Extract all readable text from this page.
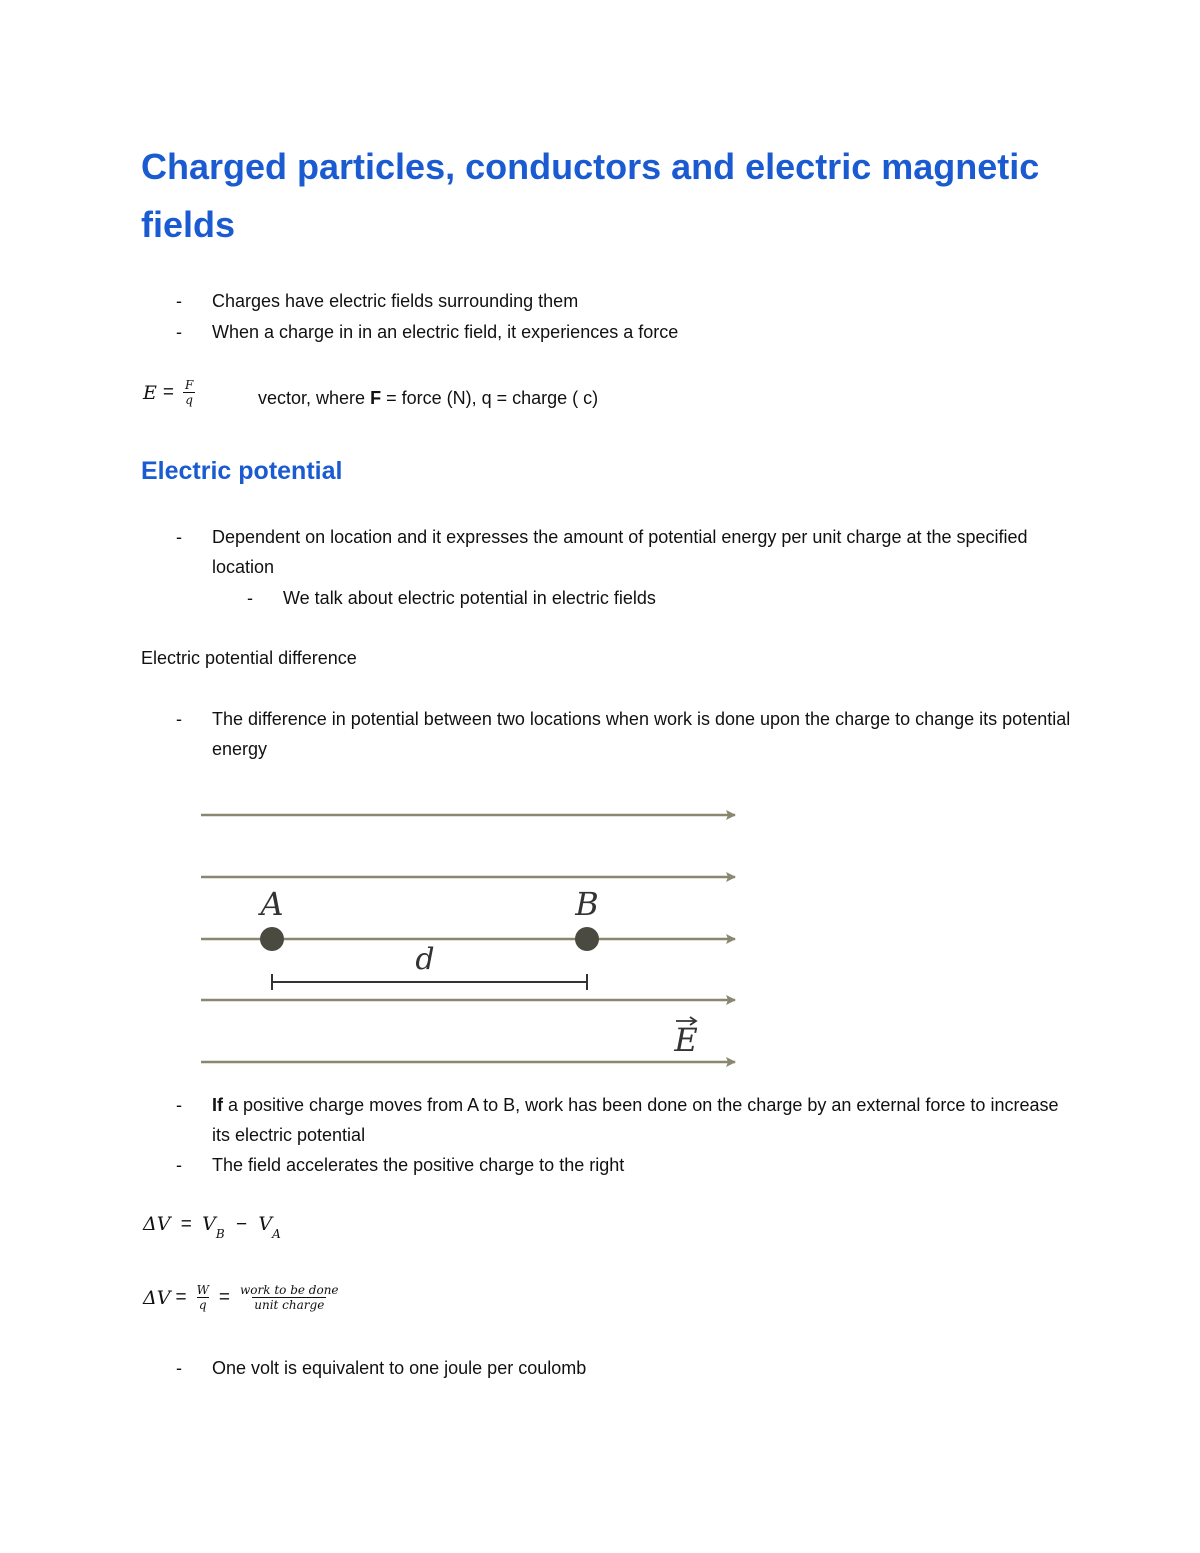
Charged particles, conductors and electric magnetic fields
- Charges have electric fields surrounding them

- When a charge in in an electric field, it experiences a force

$E = \frac{F}{q}$	vector, where F = force (N), q = charge ( c)
Electric potential
- Dependent on location and it expresses the amount of potential energy per unit charge at the specified location

- We talk about electric potential in electric fields
Electric potential difference
- The difference in potential between two locations when work is done upon the charge to change its potential energy

A	B
d
E
- If a positive charge moves from A to B, work has been done on the charge by an external force to increase its electric potential

- The field accelerates the positive charge to the right

$\Delta V = V_B - V_A$
$\Delta V = \frac{W}{q} = \frac{\text{work to be done}}{\text{unit charge}}$
- One volt is equivalent to one joule per coulomb
